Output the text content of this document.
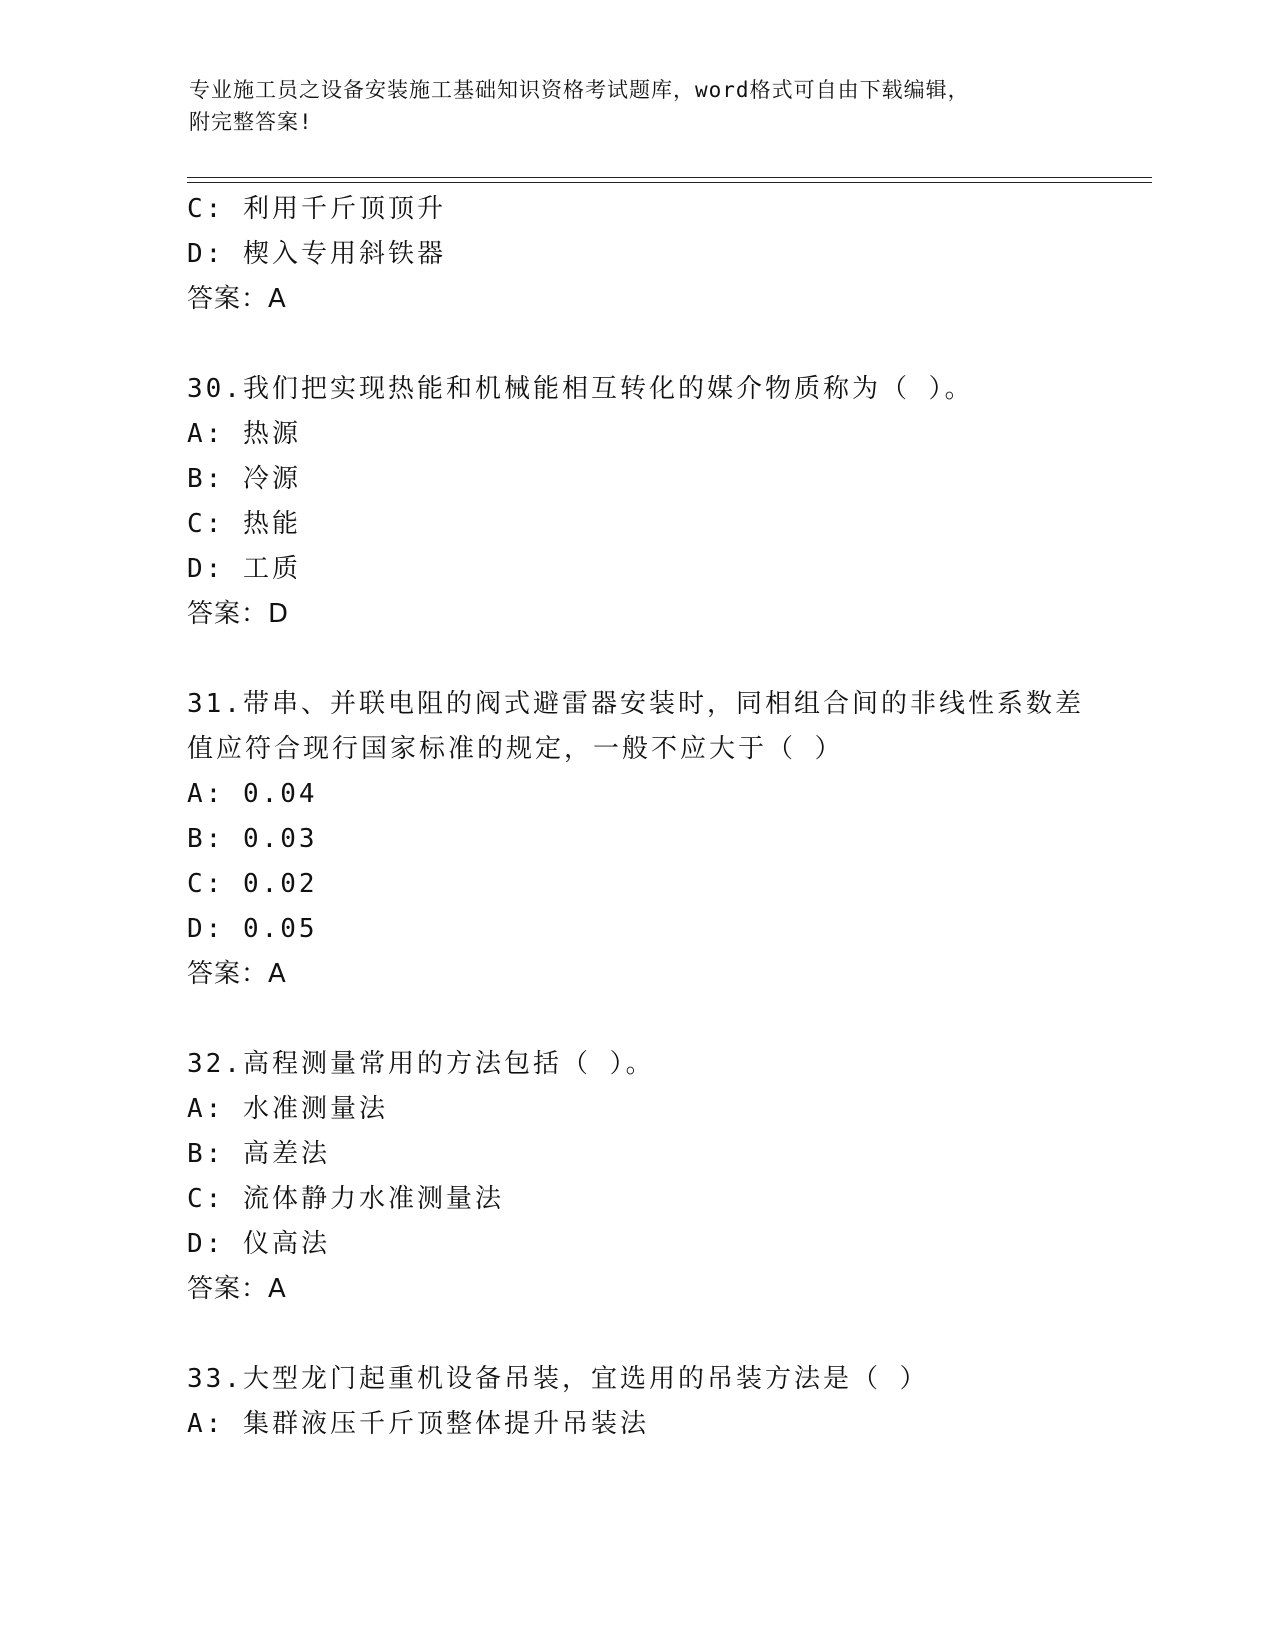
专业施工员之设备安装施工基础知识资格考试题库，word格式可自由下载编辑，
附完整答案!
C: 利用千斤顶顶升
D: 楔入专用斜铁器
答案：A
30.我们把实现热能和机械能相互转化的媒介物质称为（ ）。
A: 热源
B: 冷源
C: 热能
D: 工质
答案：D
31.带串、并联电阻的阀式避雷器安装时，同相组合间的非线性系数差
值应符合现行国家标准的规定，一般不应大于（ ）
A: 0.04
B: 0.03
C: 0.02
D: 0.05
答案：A
32.高程测量常用的方法包括（ ）。
A: 水准测量法
B: 高差法
C: 流体静力水准测量法
D: 仪高法
答案：A
33.大型龙门起重机设备吊装，宜选用的吊装方法是（ ）
A: 集群液压千斤顶整体提升吊装法
